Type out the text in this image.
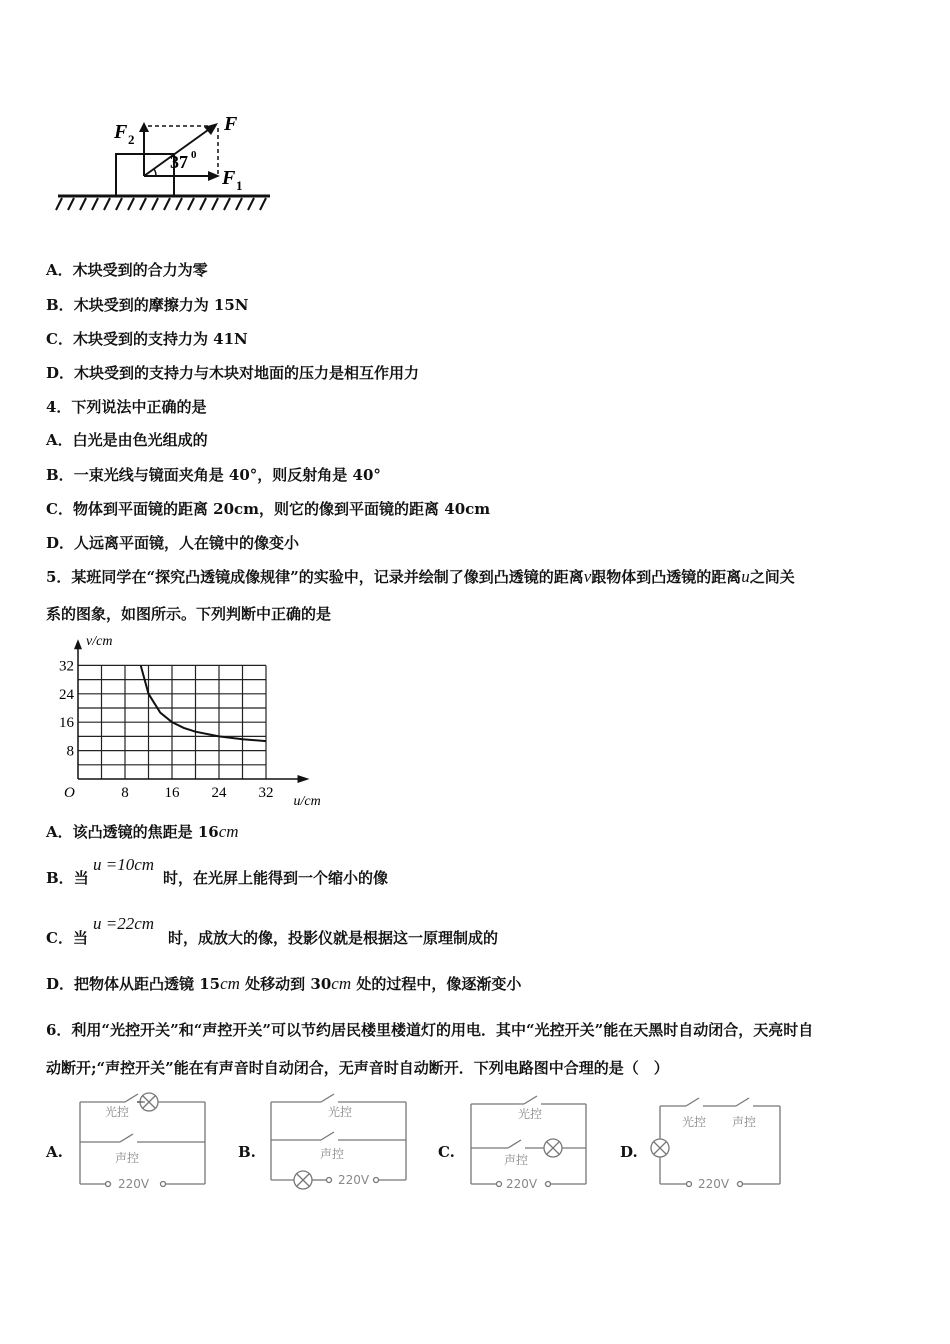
F 2
F
F 1
37 0
A．木块受到的合力为零
B．木块受到的摩擦力为 15N
C．木块受到的支持力为 41N
D．木块受到的支持力与木块对地面的压力是相互作用力
4．下列说法中正确的是
A．白光是由色光组成的
B．一束光线与镜面夹角是 40°，则反射角是 40°
C．物体到平面镜的距离 20cm，则它的像到平面镜的距离 40cm
D．人远离平面镜，人在镜中的像变小
5．某班同学在“探究凸透镜成像规律”的实验中，记录并绘制了像到凸透镜的距离v跟物体到凸透镜的距离u之间关
系的图象，如图所示。下列判断中正确的是
8 16 24 32
8
16
24
32
O
u/cm
v/cm
A．该凸透镜的焦距是 16cm
B．当
u =10cm
时，在光屏上能得到一个缩小的像
C．当
u =22cm
时，成放大的像，投影仪就是根据这一原理制成的
D．把物体从距凸透镜 15cm 处移动到 30cm 处的过程中，像逐渐变小
6．利用“光控开关”和“声控开关”可以节约居民楼里楼道灯的用电．其中“光控开关”能在天黑时自动闭合，天亮时自
动断开;“声控开关”能在有声音时自动闭合，无声音时自动断开．下列电路图中合理的是（　）
A.
光控
声控
220V
B.
光控
声控
220V
C.
光控
声控
220V
D.
光控 声控
220V
